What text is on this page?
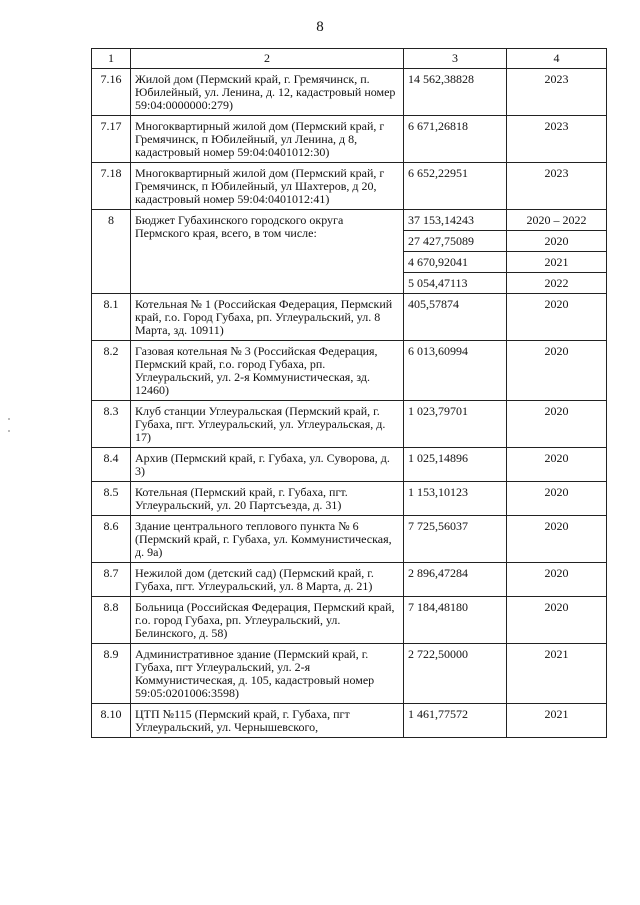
8
1	2	3	4
7.16	Жилой дом (Пермский край, г. Гремячинск, п. Юбилейный, ул. Ленина, д. 12, кадастровый номер 59:04:0000000:279)	14 562,38828	2023
7.17	Многоквартирный жилой дом (Пермский край, г Гремячинск, п Юбилейный, ул Ленина, д 8, кадастровый номер 59:04:0401012:30)	6 671,26818	2023
7.18	Многоквартирный жилой дом (Пермский край, г Гремячинск, п Юбилейный, ул Шахтеров, д 20, кадастровый номер 59:04:0401012:41)	6 652,22951	2023
8	Бюджет Губахинского городского округа Пермского края, всего, в том числе:	37 153,14243	2020 – 2022
		27 427,75089	2020
		4 670,92041	2021
		5 054,47113	2022
8.1	Котельная № 1 (Российская Федерация, Пермский край, г.о. Город Губаха, рп. Углеуральский, ул. 8 Марта, зд. 10911)	405,57874	2020
8.2	Газовая котельная № 3 (Российская Федерация, Пермский край, г.о. город Губаха, рп. Углеуральский, ул. 2-я Коммунистическая, зд. 12460)	6 013,60994	2020
8.3	Клуб станции Углеуральская (Пермский край, г. Губаха, пгт. Углеуральский, ул. Углеуральская, д. 17)	1 023,79701	2020
8.4	Архив (Пермский край, г. Губаха, ул. Суворова, д. 3)	1 025,14896	2020
8.5	Котельная (Пермский край, г. Губаха, пгт. Углеуральский, ул. 20 Партсъезда, д. 31)	1 153,10123	2020
8.6	Здание центрального теплового пункта № 6 (Пермский край, г. Губаха, ул. Коммунистическая, д. 9а)	7 725,56037	2020
8.7	Нежилой дом (детский сад) (Пермский край, г. Губаха, пгт. Углеуральский, ул. 8 Марта, д. 21)	2 896,47284	2020
8.8	Больница (Российская Федерация, Пермский край, г.о. город Губаха, рп. Углеуральский, ул. Белинского, д. 58)	7 184,48180	2020
8.9	Административное здание (Пермский край, г. Губаха, пгт Углеуральский, ул. 2-я Коммунистическая, д. 105, кадастровый номер 59:05:0201006:3598)	2 722,50000	2021
8.10	ЦТП №115 (Пермский край, г. Губаха, пгт Углеуральский, ул. Чернышевского,	1 461,77572	2021
